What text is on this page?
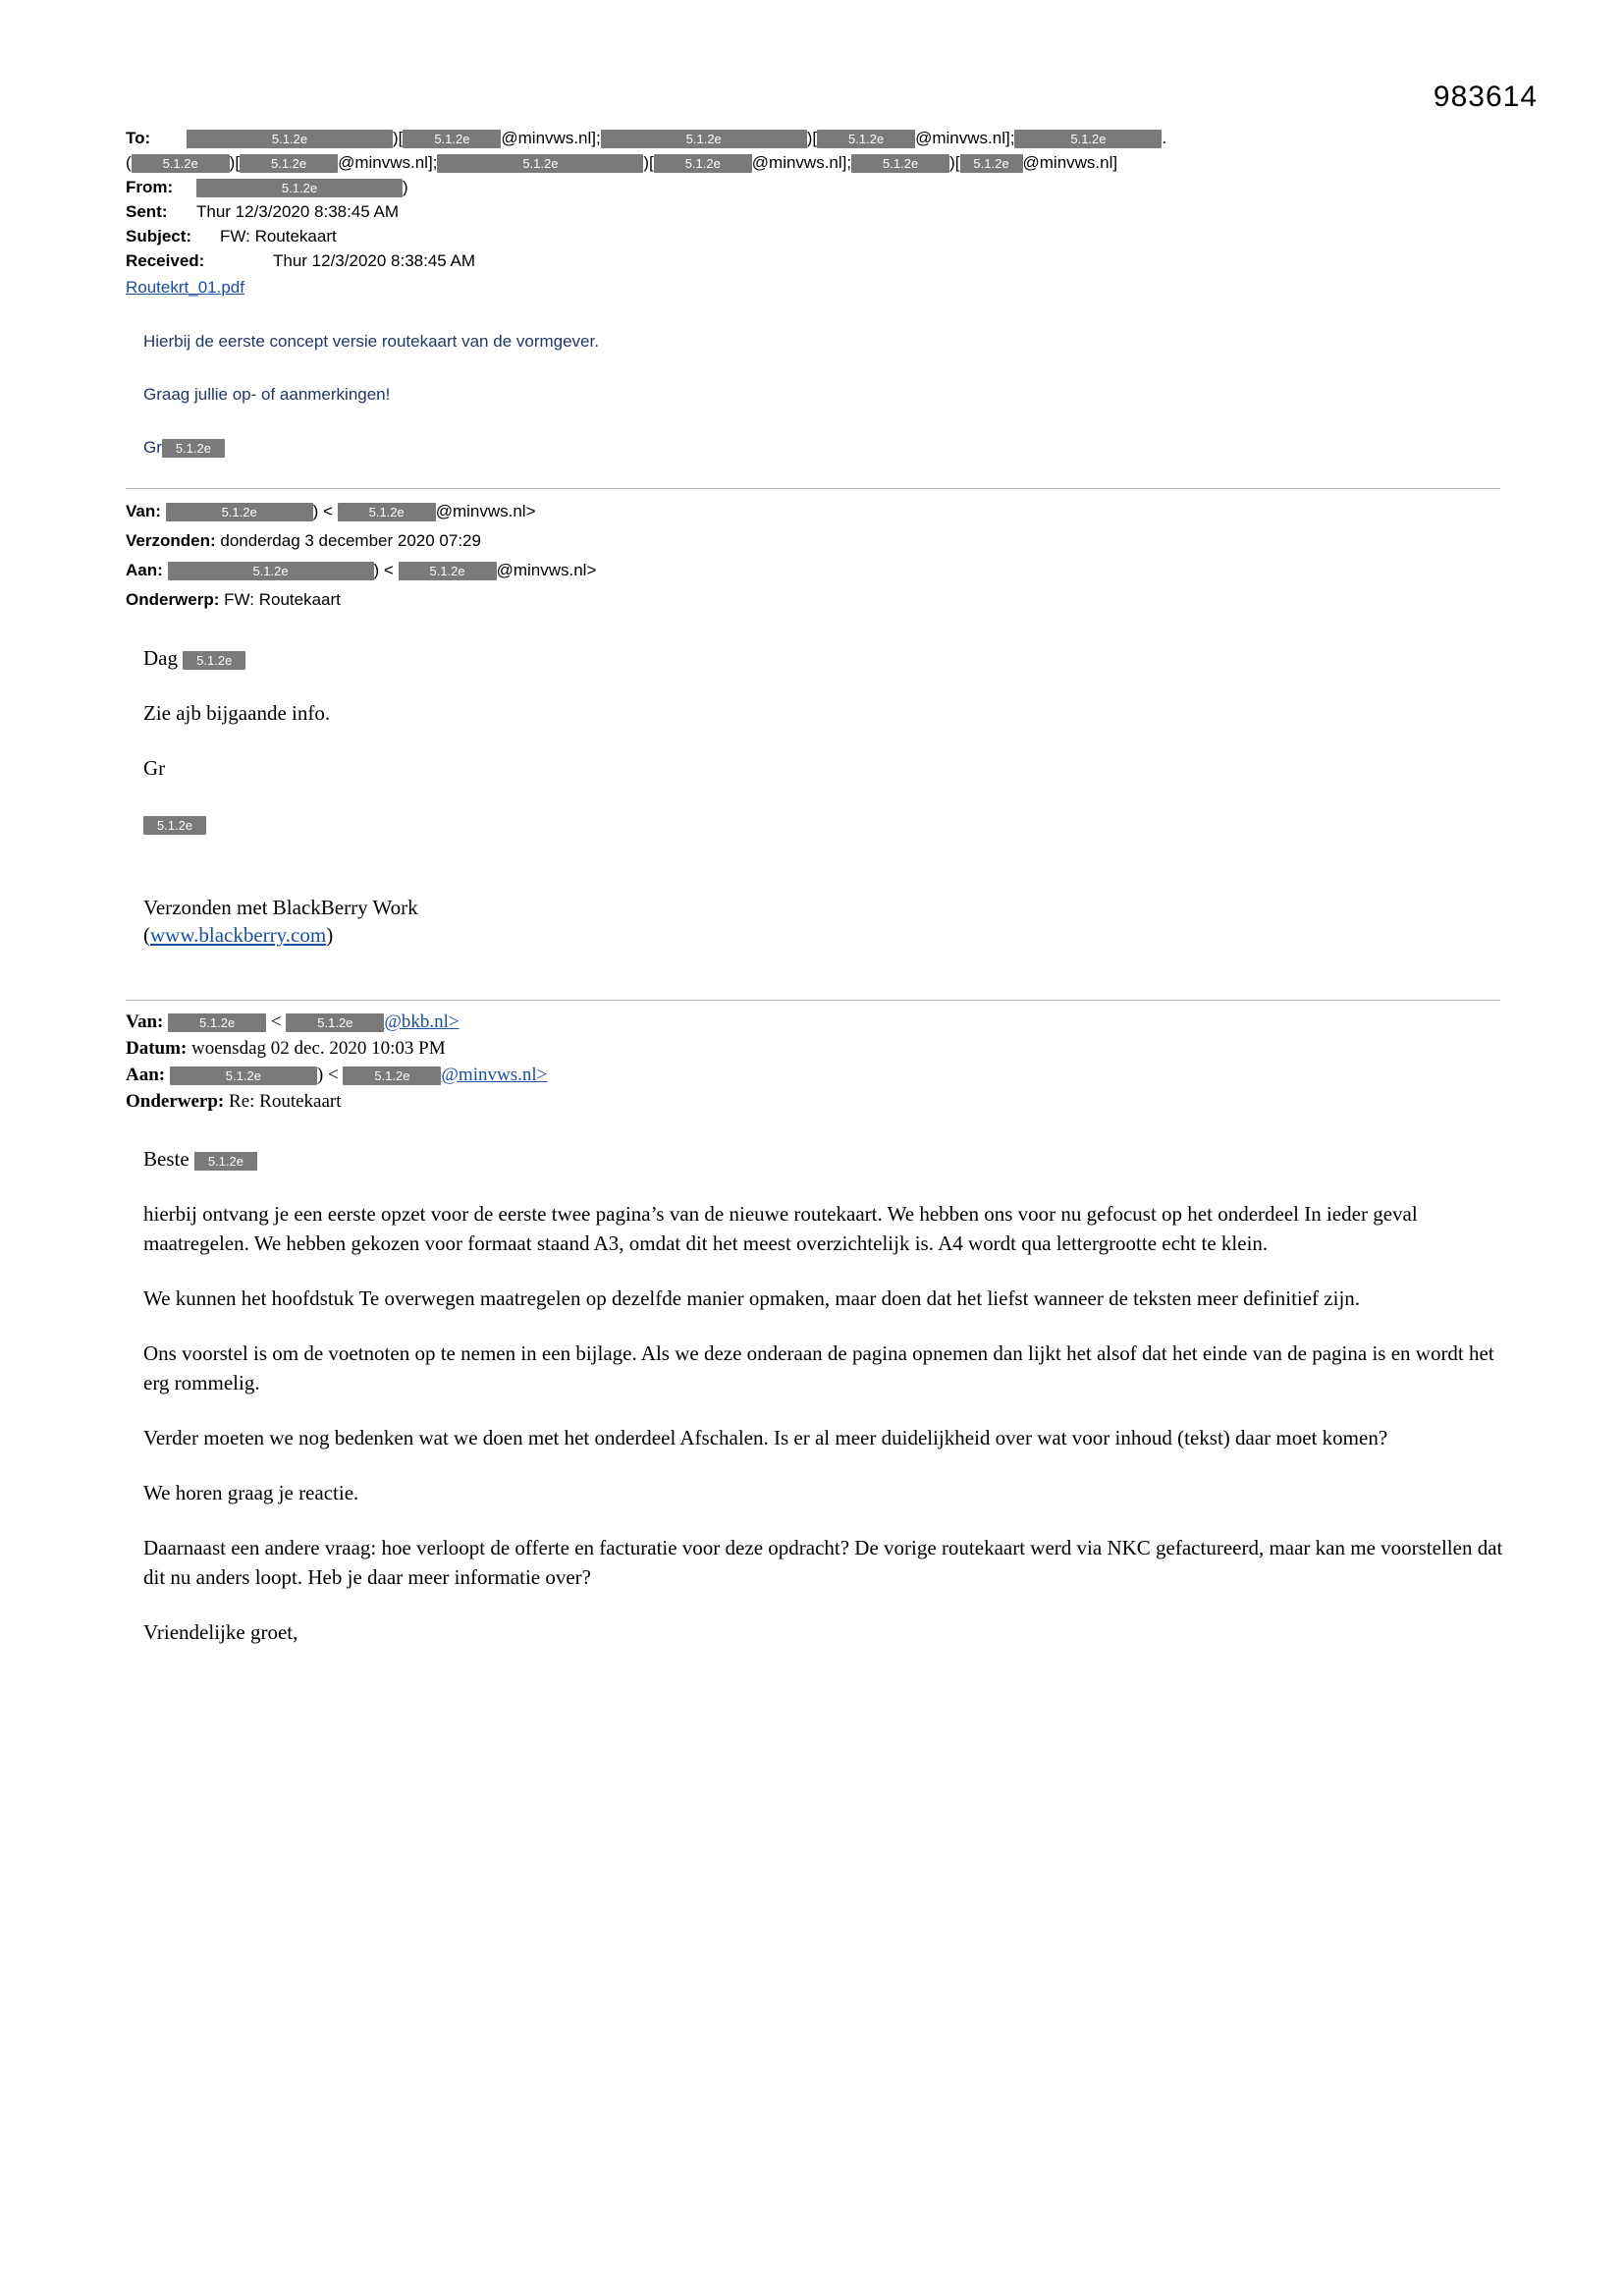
983614
To:	5.1.2e	)[ 5.1.2e @minvws.nl];	5.1.2e	)[ 5.1.2e @minvws.nl];	5.1.2e	.
( 5.1.2e )[ 5.1.2e @minvws.nl];	5.1.2e	)[ 5.1.2e @minvws.nl]; 5.1.2e )[ 5.1.2e @minvws.nl]
From:	5.1.2e	)
Sent: Thur 12/3/2020 8:38:45 AM
Subject: FW: Routekaart
Received:	Thur 12/3/2020 8:38:45 AM
Routekrt_01.pdf

Hierbij de eerste concept versie routekaart van de vormgever.

Graag jullie op- of aanmerkingen!

Gr 5.1.2e

Van:	5.1.2e	) <	5.1.2e @minvws.nl>
Verzonden: donderdag 3 december 2020 07:29
Aan:	5.1.2e	) <	5.1.2e @minvws.nl>
Onderwerp: FW: Routekaart

Dag 5.1.2e

Zie ajb bijgaande info.

Gr

5.1.2e

Verzonden met BlackBerry Work
(www.blackberry.com)

Van:	5.1.2e <	5.1.2e @bkb.nl>
Datum: woensdag 02 dec. 2020 10:03 PM
Aan:	5.1.2e	) <	5.1.2e @minvws.nl>
Onderwerp: Re: Routekaart

Beste 5.1.2e

hierbij ontvang je een eerste opzet voor de eerste twee pagina’s van de nieuwe routekaart. We hebben ons voor nu gefocust op het onderdeel In ieder geval maatregelen. We hebben gekozen voor formaat staand A3, omdat dit het meest overzichtelijk is. A4 wordt qua lettergrootte echt te klein.

We kunnen het hoofdstuk Te overwegen maatregelen op dezelfde manier opmaken, maar doen dat het liefst wanneer de teksten meer definitief zijn.

Ons voorstel is om de voetnoten op te nemen in een bijlage. Als we deze onderaan de pagina opnemen dan lijkt het alsof dat het einde van de pagina is en wordt het erg rommelig.

Verder moeten we nog bedenken wat we doen met het onderdeel Afschalen. Is er al meer duidelijkheid over wat voor inhoud (tekst) daar moet komen?

We horen graag je reactie.

Daarnaast een andere vraag: hoe verloopt de offerte en facturatie voor deze opdracht? De vorige routekaart werd via NKC gefactureerd, maar kan me voorstellen dat dit nu anders loopt. Heb je daar meer informatie over?

Vriendelijke groet,
